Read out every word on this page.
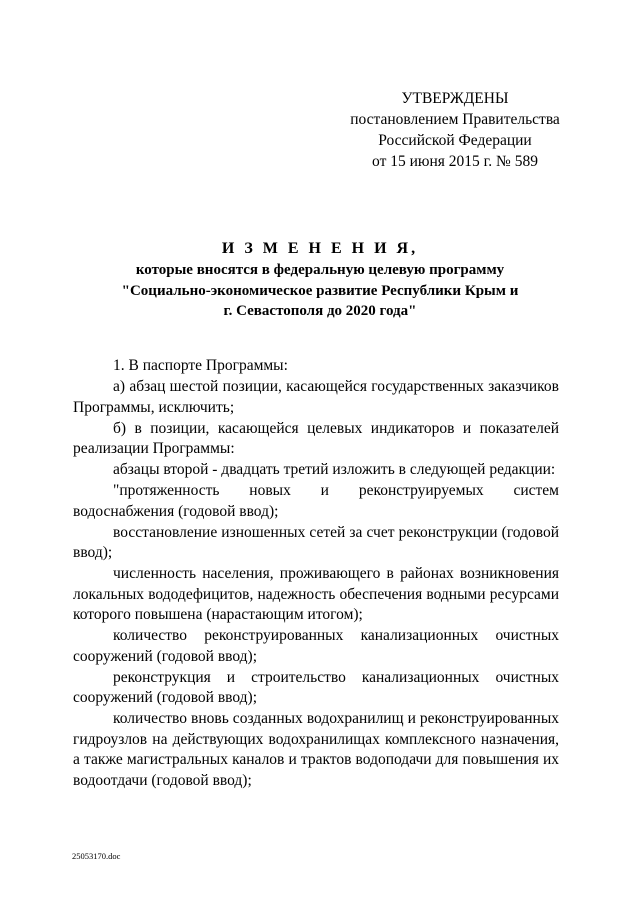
УТВЕРЖДЕНЫ
постановлением Правительства
Российской Федерации
от 15 июня 2015 г. № 589
И З М Е Н Е Н И Я,
которые вносятся в федеральную целевую программу
"Социально-экономическое развитие Республики Крым и
г. Севастополя до 2020 года"

1. В паспорте Программы:

а) абзац шестой позиции, касающейся государственных заказчиков Программы, исключить;

б) в позиции, касающейся целевых индикаторов и показателей реализации Программы:

абзацы второй - двадцать третий изложить в следующей редакции:

"протяженность новых и реконструируемых систем водоснабжения (годовой ввод);

восстановление изношенных сетей за счет реконструкции (годовой ввод);

численность населения, проживающего в районах возникновения локальных вододефицитов, надежность обеспечения водными ресурсами которого повышена (нарастающим итогом);

количество реконструированных канализационных очистных сооружений (годовой ввод);

реконструкция и строительство канализационных очистных сооружений (годовой ввод);

количество вновь созданных водохранилищ и реконструированных гидроузлов на действующих водохранилищах комплексного назначения, а также магистральных каналов и трактов водоподачи для повышения их водоотдачи (годовой ввод);

25053170.doc
